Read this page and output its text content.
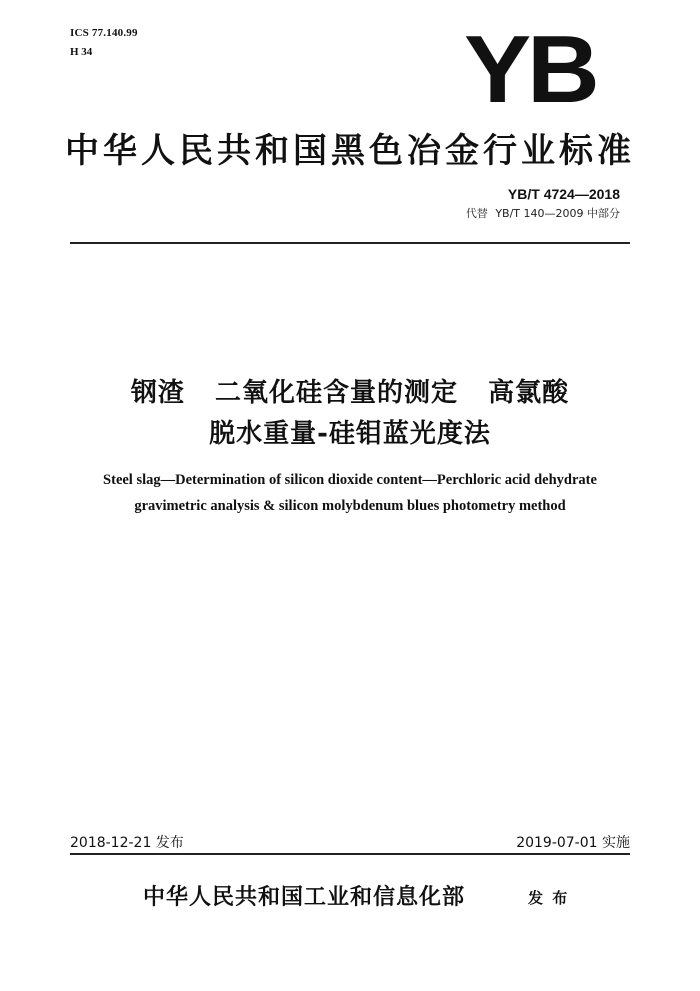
ICS 77.140.99
H 34	YB
中华人民共和国黑色冶金行业标准
YB/T 4724—2018
代替 YB/T 140—2009 中部分
钢渣   二氧化硅含量的测定   高氯酸
脱水重量-硅钼蓝光度法
Steel slag—Determination of silicon dioxide content—Perchloric acid dehydrate
gravimetric analysis & silicon molybdenum blues photometry method
2018-12-21 发布	2019-07-01 实施
中华人民共和国工业和信息化部	发 布
